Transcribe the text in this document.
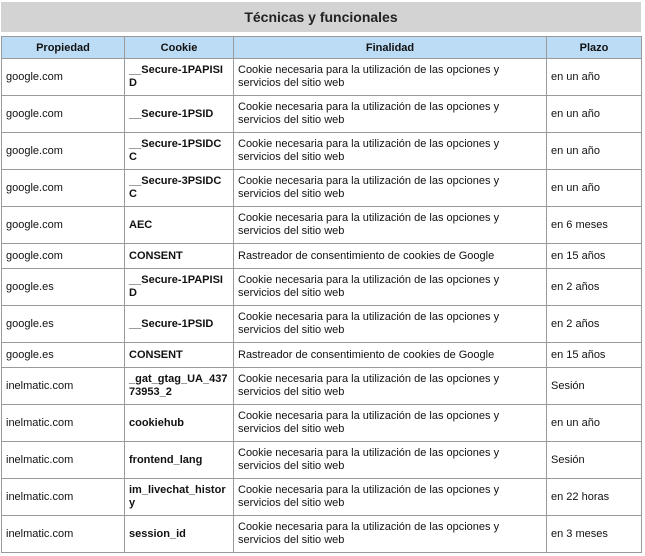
Técnicas y funcionales
Propiedad	Cookie	Finalidad	Plazo
google.com	__Secure-1PAPISID	Cookie necesaria para la utilización de las opciones y servicios del sitio web	en un año
google.com	__Secure-1PSID	Cookie necesaria para la utilización de las opciones y servicios del sitio web	en un año
google.com	__Secure-1PSIDCC	Cookie necesaria para la utilización de las opciones y servicios del sitio web	en un año
google.com	__Secure-3PSIDCC	Cookie necesaria para la utilización de las opciones y servicios del sitio web	en un año
google.com	AEC	Cookie necesaria para la utilización de las opciones y servicios del sitio web	en 6 meses
google.com	CONSENT	Rastreador de consentimiento de cookies de Google	en 15 años
google.es	__Secure-1PAPISID	Cookie necesaria para la utilización de las opciones y servicios del sitio web	en 2 años
google.es	__Secure-1PSID	Cookie necesaria para la utilización de las opciones y servicios del sitio web	en 2 años
google.es	CONSENT	Rastreador de consentimiento de cookies de Google	en 15 años
inelmatic.com	_gat_gtag_UA_43773953_2	Cookie necesaria para la utilización de las opciones y servicios del sitio web	Sesión
inelmatic.com	cookiehub	Cookie necesaria para la utilización de las opciones y servicios del sitio web	en un año
inelmatic.com	frontend_lang	Cookie necesaria para la utilización de las opciones y servicios del sitio web	Sesión
inelmatic.com	im_livechat_history	Cookie necesaria para la utilización de las opciones y servicios del sitio web	en 22 horas
inelmatic.com	session_id	Cookie necesaria para la utilización de las opciones y servicios del sitio web	en 3 meses
